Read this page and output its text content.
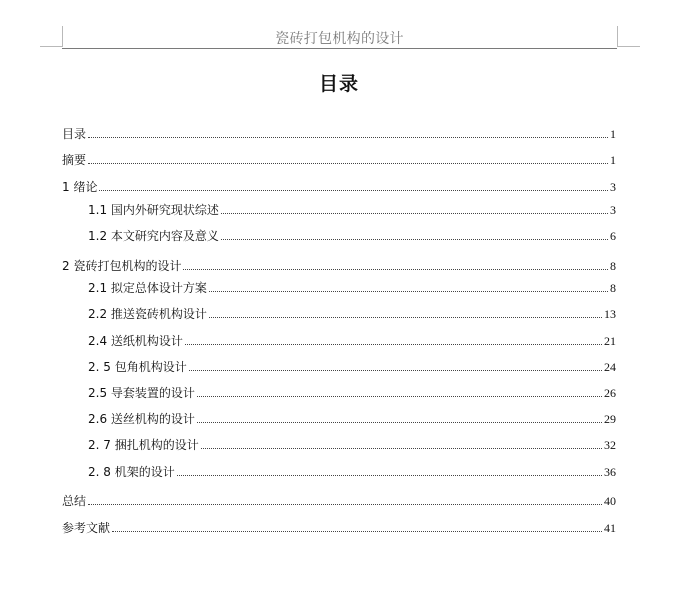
瓷砖打包机构的设计
目录
目录	1
摘要	1
1 绪论	3
1.1 国内外研究现状综述	3
1.2 本文研究内容及意义	6
2 瓷砖打包机构的设计	8
2.1 拟定总体设计方案	8
2.2 推送瓷砖机构设计	13
2.4 送纸机构设计	21
2. 5 包角机构设计	24
2.5 导套装置的设计	26
2.6 送丝机构的设计	29
2. 7 捆扎机构的设计	32
2. 8 机架的设计	36
总结	40
参考文献	41
